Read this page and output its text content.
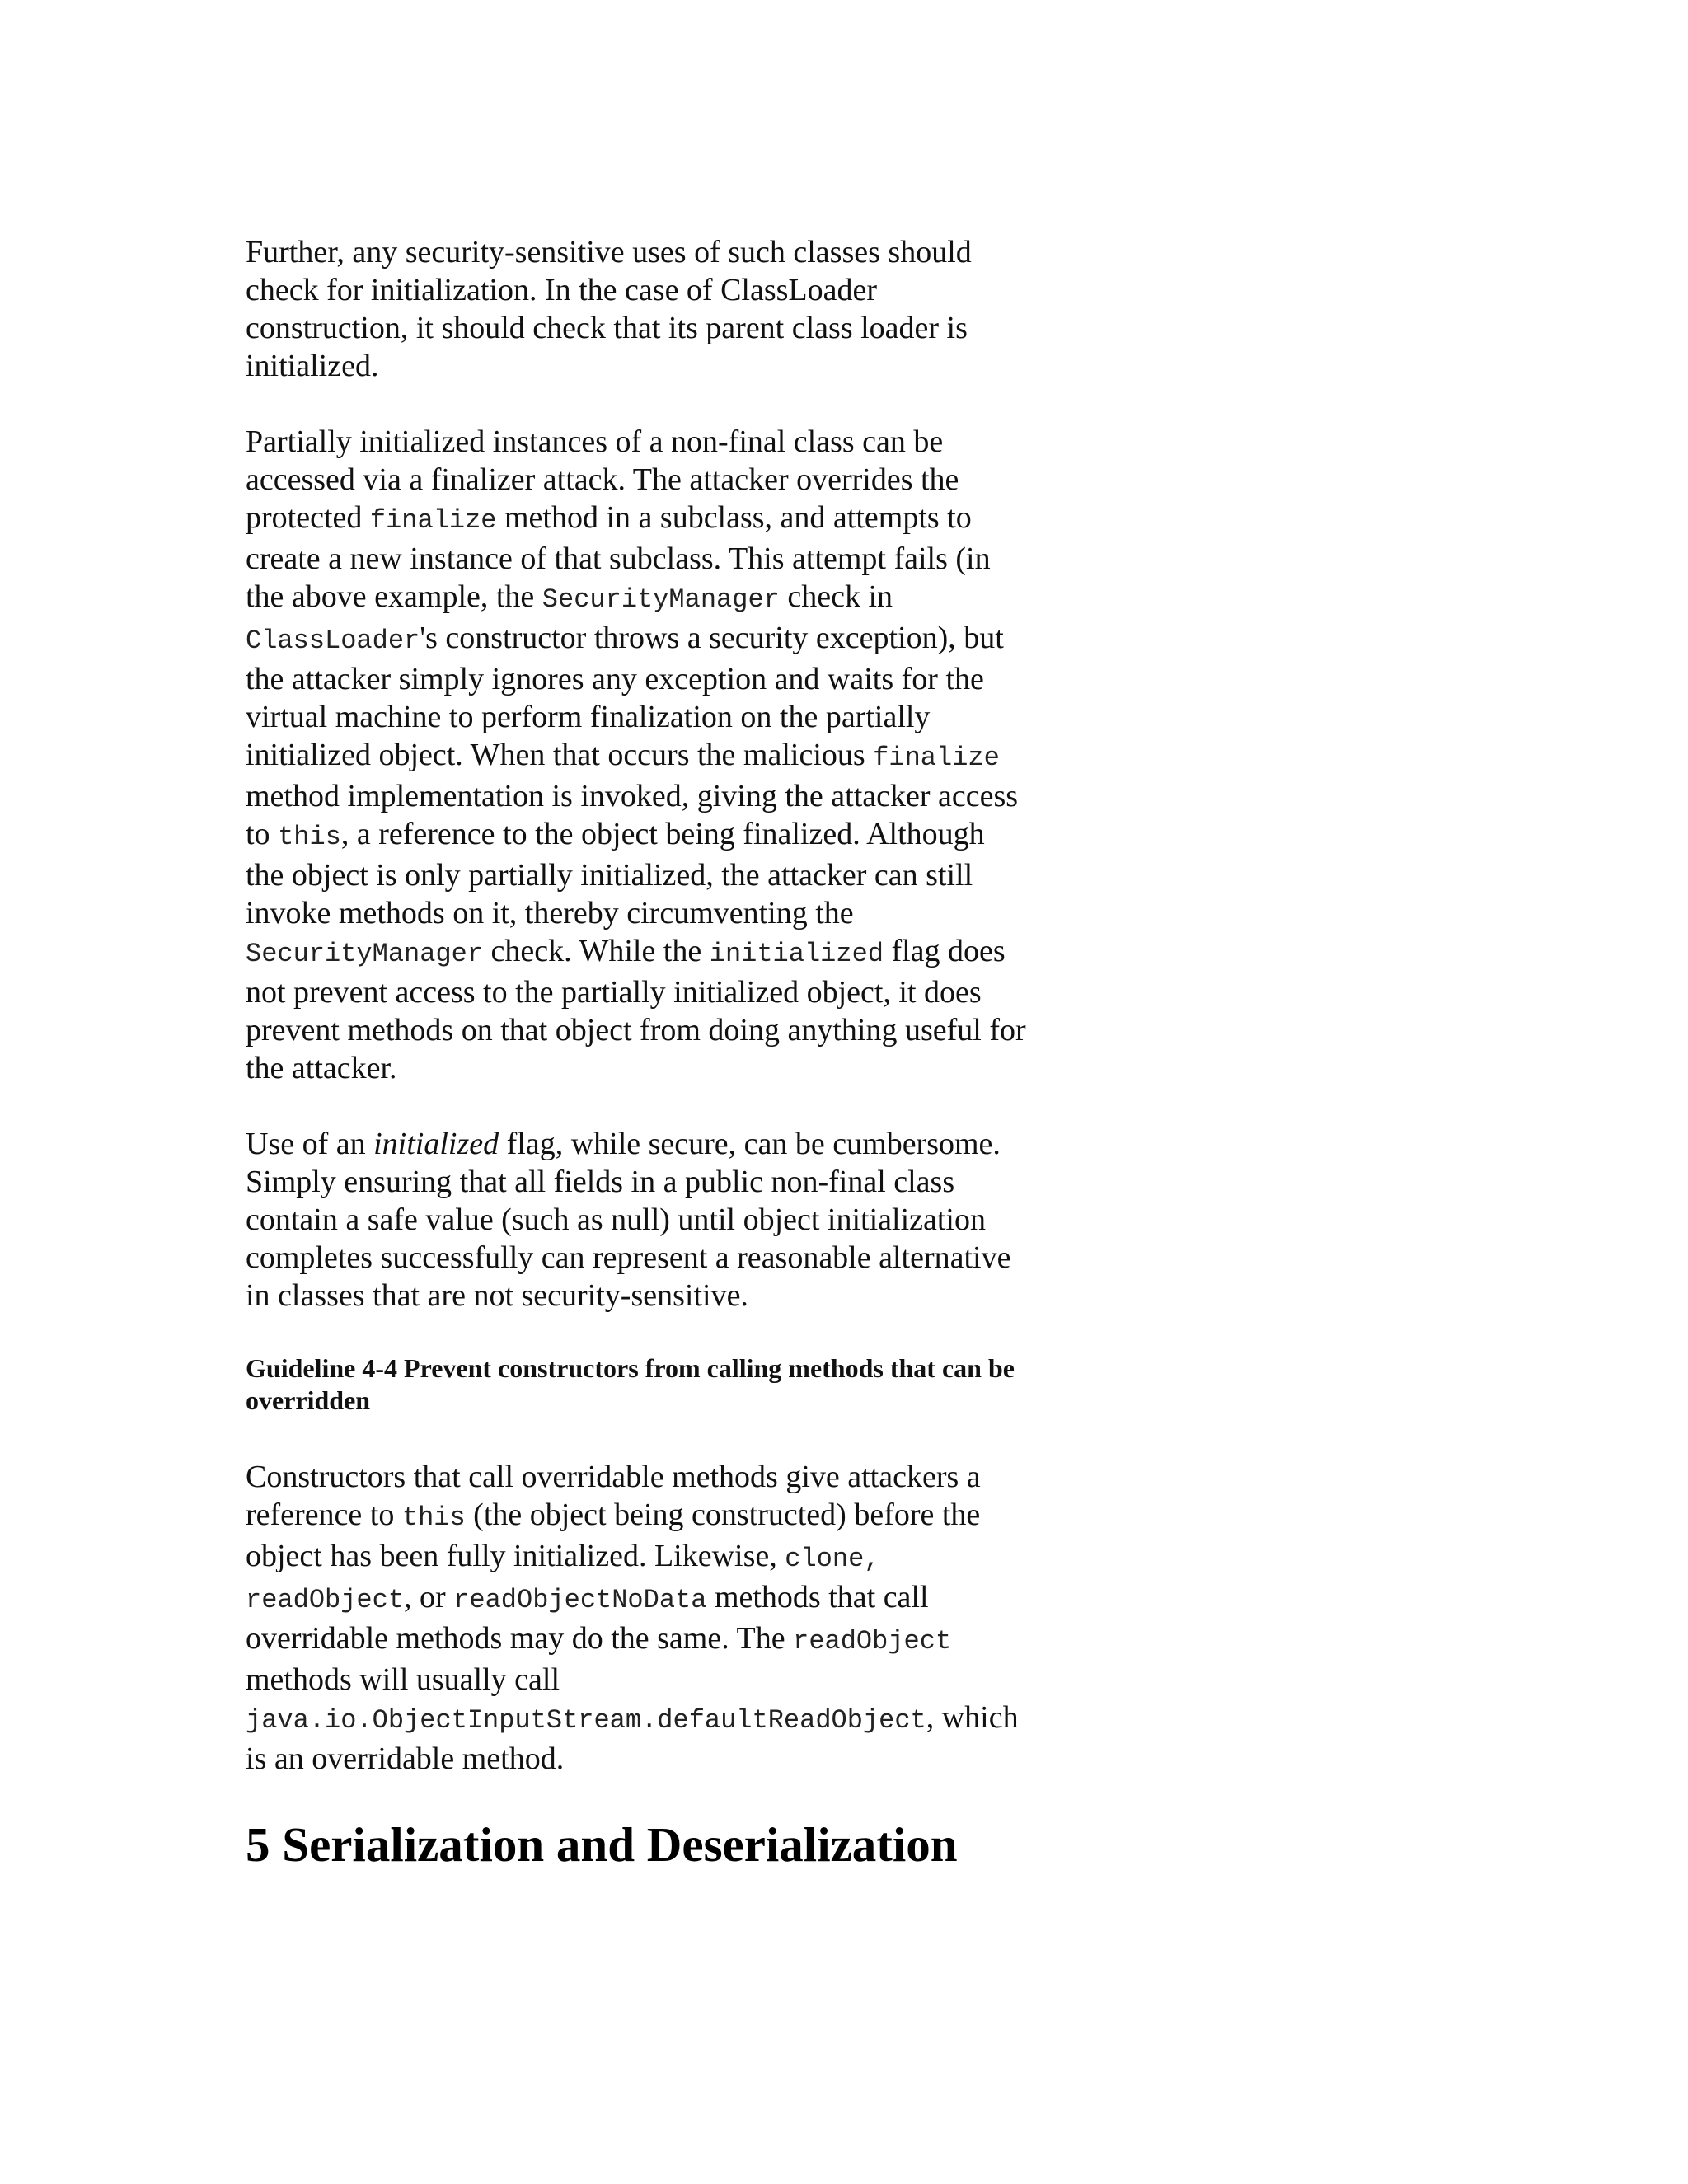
Further, any security-sensitive uses of such classes should check for initialization. In the case of ClassLoader construction, it should check that its parent class loader is initialized.

Partially initialized instances of a non-final class can be accessed via a finalizer attack. The attacker overrides the protected finalize method in a subclass, and attempts to create a new instance of that subclass. This attempt fails (in the above example, the SecurityManager check in ClassLoader's constructor throws a security exception), but the attacker simply ignores any exception and waits for the virtual machine to perform finalization on the partially initialized object. When that occurs the malicious finalize method implementation is invoked, giving the attacker access to this, a reference to the object being finalized. Although the object is only partially initialized, the attacker can still invoke methods on it, thereby circumventing the SecurityManager check. While the initialized flag does not prevent access to the partially initialized object, it does prevent methods on that object from doing anything useful for the attacker.

Use of an initialized flag, while secure, can be cumbersome. Simply ensuring that all fields in a public non-final class contain a safe value (such as null) until object initialization completes successfully can represent a reasonable alternative in classes that are not security-sensitive.

Guideline 4-4 Prevent constructors from calling methods that can be overridden

Constructors that call overridable methods give attackers a reference to this (the object being constructed) before the object has been fully initialized. Likewise, clone, readObject, or readObjectNoData methods that call overridable methods may do the same. The readObject methods will usually call java.io.ObjectInputStream.defaultReadObject, which is an overridable method.

5 Serialization and Deserialization
